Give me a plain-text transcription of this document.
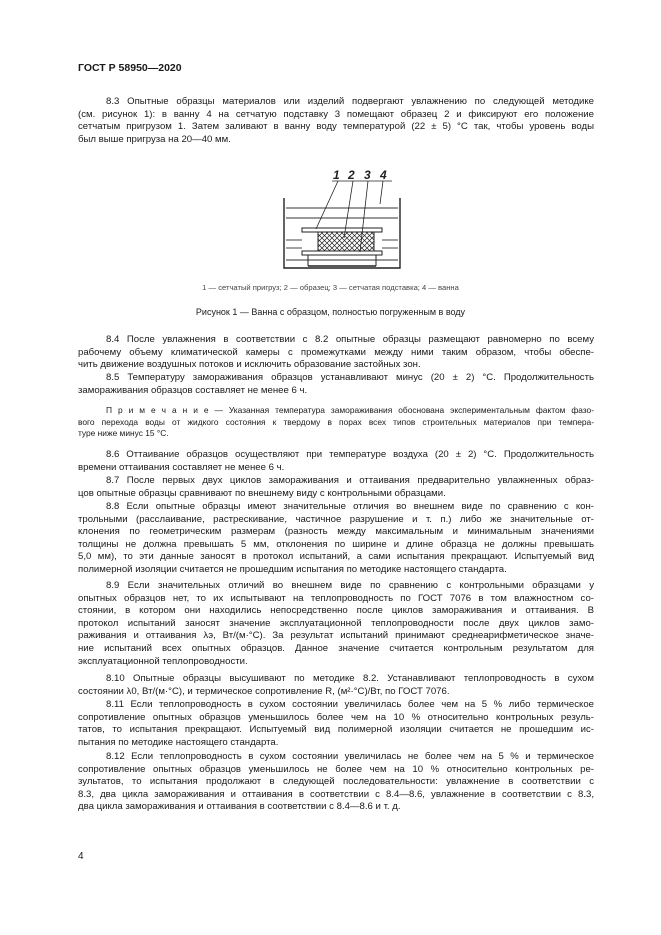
ГОСТ Р 58950—2020
8.3 Опытные образцы материалов или изделий подвергают увлажнению по следующей методике
(см. рисунок 1): в ванну 4 на сетчатую подставку 3 помещают образец 2 и фиксируют его положение
сетчатым пригрузом 1. Затем заливают в ванну воду температурой (22 ± 5) °С так, чтобы уровень воды
был выше пригруза на 20—40 мм.
1 2 3 4
1 — сетчатый пригруз; 2 — образец; 3 — сетчатая подставка; 4 — ванна
Рисунок 1 — Ванна с образцом, полностью погруженным в воду
8.4 После увлажнения в соответствии с 8.2 опытные образцы размещают равномерно по всему
рабочему объему климатической камеры с промежутками между ними таким образом, чтобы обеспе-
чить движение воздушных потоков и исключить образование застойных зон.
8.5 Температуру замораживания образцов устанавливают минус (20 ± 2) °С. Продолжительность
замораживания образцов составляет не менее 6 ч.
П р и м е ч а н и е — Указанная температура замораживания обоснована экспериментальным фактом фазо-
вого перехода воды от жидкого состояния к твердому в порах всех типов строительных материалов при темпера-
туре ниже минус 15 °С.
8.6 Оттаивание образцов осуществляют при температуре воздуха (20 ± 2) °С. Продолжительность
времени оттаивания составляет не менее 6 ч.
8.7 После первых двух циклов замораживания и оттаивания предварительно увлажненных образ-
цов опытные образцы сравнивают по внешнему виду с контрольными образцами.
8.8 Если опытные образцы имеют значительные отличия во внешнем виде по сравнению с кон-
трольными (расслаивание, растрескивание, частичное разрушение и т. п.) либо же значительные от-
клонения по геометрическим размерам (разность между максимальным и минимальным значениями
толщины не должна превышать 5 мм, отклонения по ширине и длине образца не должны превышать
5,0 мм), то эти данные заносят в протокол испытаний, а сами испытания прекращают. Испытуемый вид
полимерной изоляции считается не прошедшим испытания по методике настоящего стандарта.
8.9 Если значительных отличий во внешнем виде по сравнению с контрольными образцами у
опытных образцов нет, то их испытывают на теплопроводность по ГОСТ 7076 в том влажностном со-
стоянии, в котором они находились непосредственно после циклов замораживания и оттаивания. В
протокол испытаний заносят значение эксплуатационной теплопроводности после двух циклов замо-
раживания и оттаивания λэ, Вт/(м·°С). За результат испытаний принимают среднеарифметическое значе-
ние испытаний всех опытных образцов. Данное значение считается контрольным результатом для
эксплуатационной теплопроводности.
8.10 Опытные образцы высушивают по методике 8.2. Устанавливают теплопроводность в сухом
состоянии λ0, Вт/(м·°С), и термическое сопротивление R, (м²·°С)/Вт, по ГОСТ 7076.
8.11 Если теплопроводность в сухом состоянии увеличилась более чем на 5 % либо термическое
сопротивление опытных образцов уменьшилось более чем на 10 % относительно контрольных резуль-
татов, то испытания прекращают. Испытуемый вид полимерной изоляции считается не прошедшим ис-
пытания по методике настоящего стандарта.
8.12 Если теплопроводность в сухом состоянии увеличилась не более чем на 5 % и термическое
сопротивление опытных образцов уменьшилось не более чем на 10 % относительно контрольных ре-
зультатов, то испытания продолжают в следующей последовательности: увлажнение в соответствии с
8.3, два цикла замораживания и оттаивания в соответствии с 8.4—8.6, увлажнение в соответствии с 8.3,
два цикла замораживания и оттаивания в соответствии с 8.4—8.6 и т. д.
4
